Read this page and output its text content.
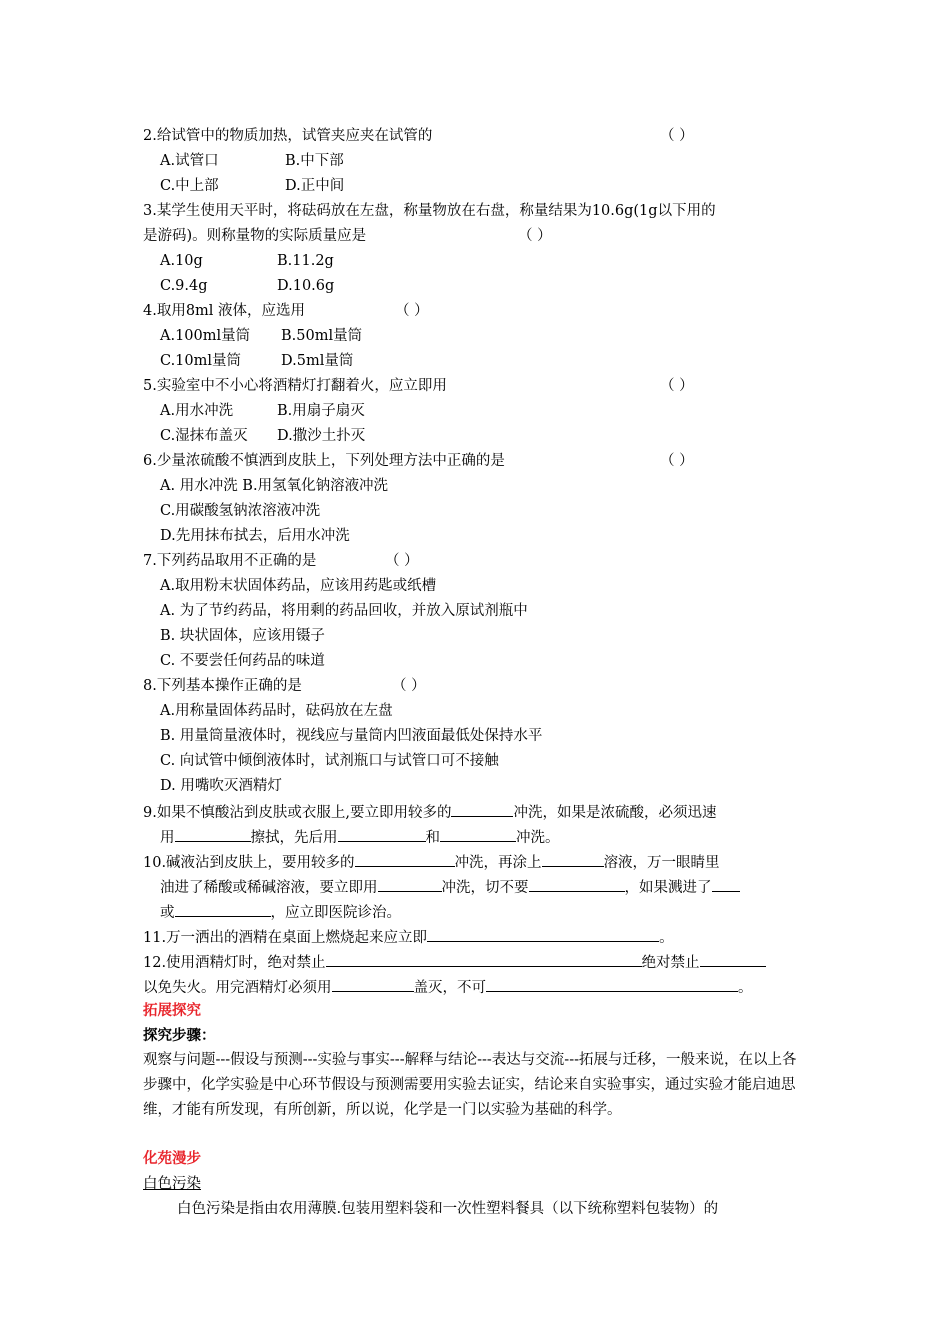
2.给试管中的物质加热，试管夹应夹在试管的	（ ）
A.试管口	B.中下部
C.中上部	D.正中间
3.某学生使用天平时，将砝码放在左盘，称量物放在右盘，称量结果为10.6g(1g以下用的
是游码)。则称量物的实际质量应是	（ ）
A.10g	B.11.2g
C.9.4g	D.10.6g
4.取用8ml 液体，应选用	（ ）
A.100ml量筒 B.50ml量筒
C.10ml量筒	D.5ml量筒
5.实验室中不小心将酒精灯打翻着火，应立即用	（ ）
A.用水冲洗	B.用扇子扇灭
C.湿抹布盖灭 D.撒沙土扑灭
6.少量浓硫酸不慎洒到皮肤上，下列处理方法中正确的是	（ ）
A. 用水冲洗 B.用氢氧化钠溶液冲洗
C.用碳酸氢钠浓溶液冲洗
D.先用抹布拭去，后用水冲洗
7.下列药品取用不正确的是	（ ）
A.取用粉末状固体药品，应该用药匙或纸槽
A. 为了节约药品，将用剩的药品回收，并放入原试剂瓶中
B. 块状固体，应该用镊子
C. 不要尝任何药品的味道
8.下列基本操作正确的是	（ ）
A.用称量固体药品时，砝码放在左盘
B. 用量筒量液体时，视线应与量筒内凹液面最低处保持水平
C. 向试管中倾倒液体时，试剂瓶口与试管口可不接触
D. 用嘴吹灭酒精灯
9.如果不慎酸沾到皮肤或衣服上,要立即用较多的	冲洗，如果是浓硫酸，必须迅速
用	擦拭，先后用	和	冲洗。
10.碱液沾到皮肤上，要用较多的	冲洗，再涂上	溶液，万一眼睛里
油进了稀酸或稀碱溶液，要立即用	冲洗，切不要	，如果溅进了
或	，应立即医院诊治。
11.万一洒出的酒精在桌面上燃烧起来应立即	。
12.使用酒精灯时，绝对禁止	绝对禁止
以免失火。用完酒精灯必须用	盖灭，不可	。
拓展探究
探究步骤：
观察与问题---假设与预测---实验与事实---解释与结论---表达与交流---拓展与迁移，一般来说，在以上各步骤中，化学实验是中心环节假设与预测需要用实验去证实，结论来自实验事实，通过实验才能启迪思维，才能有所发现，有所创新，所以说，化学是一门以实验为基础的科学。
化苑漫步
白色污染
白色污染是指由农用薄膜.包装用塑料袋和一次性塑料餐具（以下统称塑料包装物）的
